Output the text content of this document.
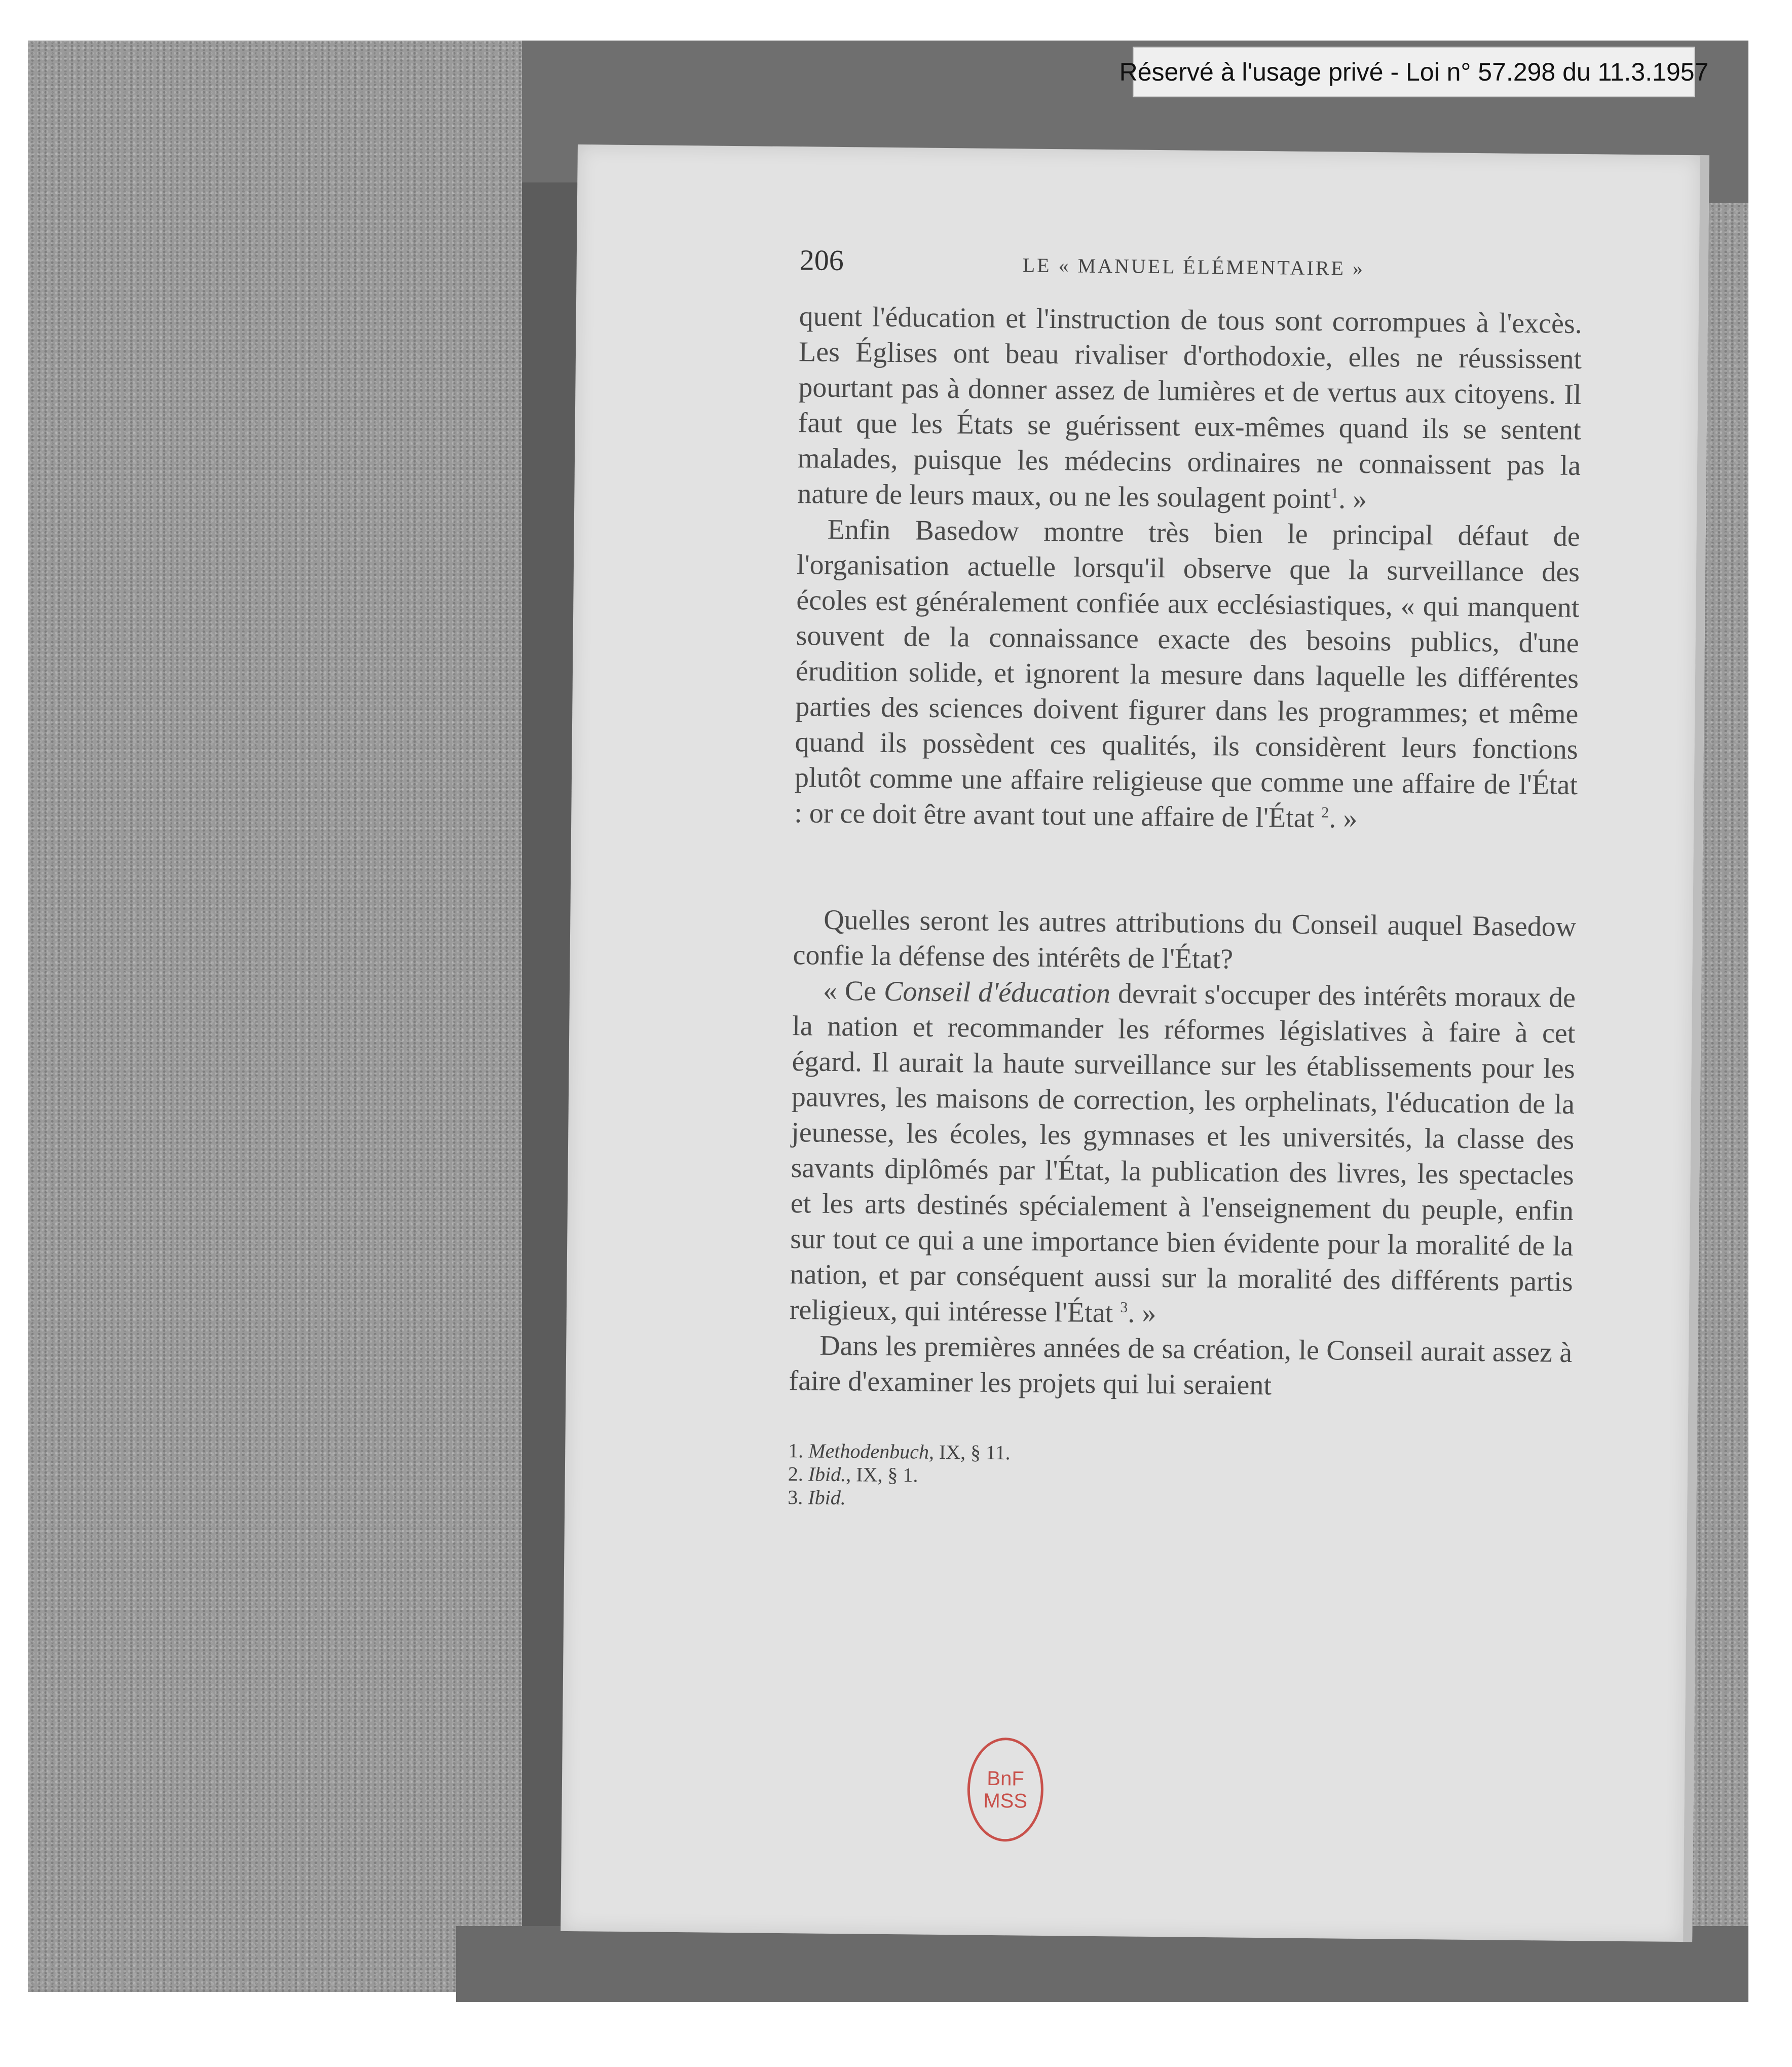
Réservé à l'usage privé - Loi n° 57.298 du 11.3.1957
206	LE « MANUEL ÉLÉMENTAIRE »

quent l'éducation et l'instruction de tous sont corrompues à l'excès. Les Églises ont beau rivaliser d'orthodoxie, elles ne réussissent pourtant pas à donner assez de lumières et de vertus aux citoyens. Il faut que les États se guérissent eux-mêmes quand ils se sentent malades, puisque les médecins ordinaires ne connaissent pas la nature de leurs maux, ou ne les soulagent point$^1$. »

Enfin Basedow montre très bien le principal défaut de l'organisation actuelle lorsqu'il observe que la surveillance des écoles est généralement confiée aux ecclésiastiques, « qui manquent souvent de la connaissance exacte des besoins publics, d'une érudition solide, et ignorent la mesure dans laquelle les différentes parties des sciences doivent figurer dans les programmes; et même quand ils possèdent ces qualités, ils considèrent leurs fonctions plutôt comme une affaire religieuse que comme une affaire de l'État : or ce doit être avant tout une affaire de l'État $^2$. »

Quelles seront les autres attributions du Conseil auquel Basedow confie la défense des intérêts de l'État?

« Ce Conseil d'éducation devrait s'occuper des intérêts moraux de la nation et recommander les réformes législatives à faire à cet égard. Il aurait la haute surveillance sur les établissements pour les pauvres, les maisons de correction, les orphelinats, l'éducation de la jeunesse, les écoles, les gymnases et les universités, la classe des savants diplômés par l'État, la publication des livres, les spectacles et les arts destinés spécialement à l'enseignement du peuple, enfin sur tout ce qui a une importance bien évidente pour la moralité de la nation, et par conséquent aussi sur la moralité des différents partis religieux, qui intéresse l'État $^3$. »

Dans les premières années de sa création, le Conseil aurait assez à faire d'examiner les projets qui lui seraient

1. Methodenbuch, IX, § 11.

2. Ibid., IX, § 1.

3. Ibid.

BnF
MSS
